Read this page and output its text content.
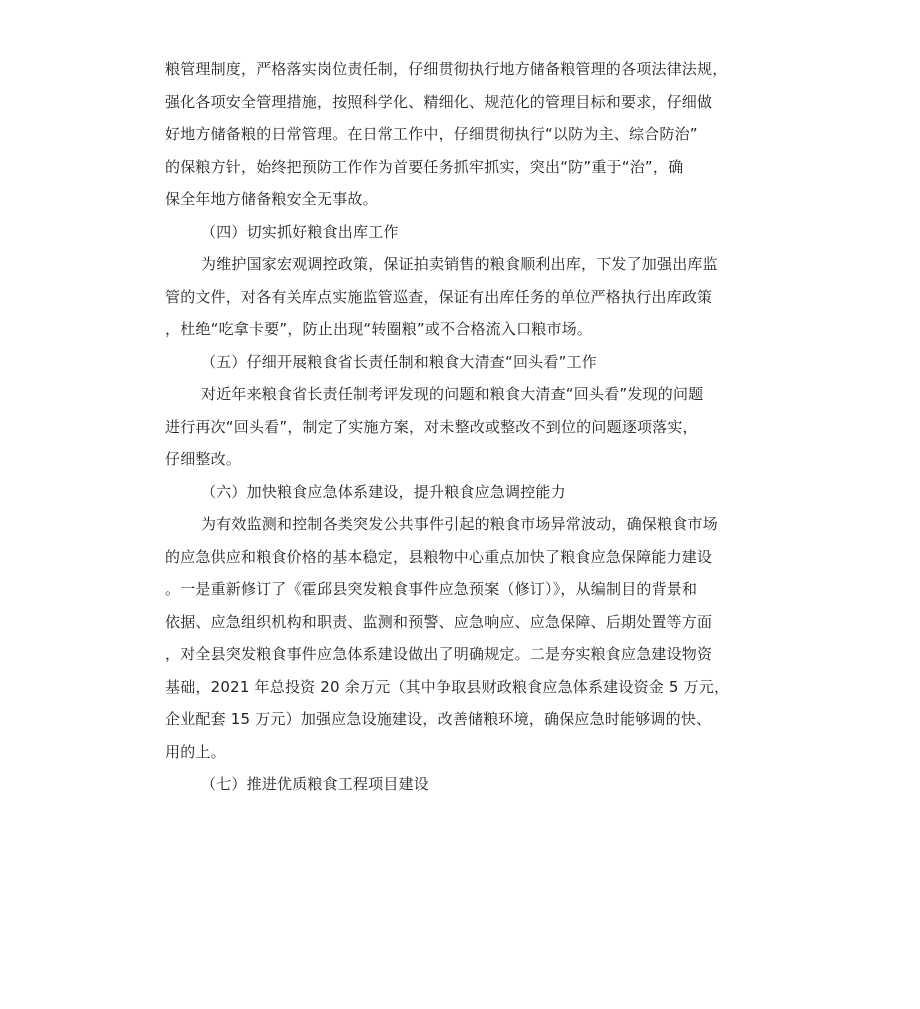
粮管理制度，严格落实岗位责任制，仔细贯彻执行地方储备粮管理的各项法律法规，
强化各项安全管理措施，按照科学化、精细化、规范化的管理目标和要求，仔细做
好地方储备粮的日常管理。在日常工作中，仔细贯彻执行“以防为主、综合防治”
的保粮方针，始终把预防工作作为首要任务抓牢抓实，突出“防”重于“治”，确
保全年地方储备粮安全无事故。
（四）切实抓好粮食出库工作
为维护国家宏观调控政策，保证拍卖销售的粮食顺利出库，下发了加强出库监
管的文件，对各有关库点实施监管巡查，保证有出库任务的单位严格执行出库政策
，杜绝“吃拿卡要”，防止出现“转圈粮”或不合格流入口粮市场。
（五）仔细开展粮食省长责任制和粮食大清查“回头看”工作
对近年来粮食省长责任制考评发现的问题和粮食大清查“回头看”发现的问题
进行再次“回头看”，制定了实施方案，对未整改或整改不到位的问题逐项落实，
仔细整改。
（六）加快粮食应急体系建设，提升粮食应急调控能力
为有效监测和控制各类突发公共事件引起的粮食市场异常波动，确保粮食市场
的应急供应和粮食价格的基本稳定，县粮物中心重点加快了粮食应急保障能力建设
。一是重新修订了《霍邱县突发粮食事件应急预案（修订）》，从编制目的背景和
依据、应急组织机构和职责、监测和预警、应急响应、应急保障、后期处置等方面
，对全县突发粮食事件应急体系建设做出了明确规定。二是夯实粮食应急建设物资
基础，2021 年总投资 20 余万元（其中争取县财政粮食应急体系建设资金 5 万元，
企业配套 15 万元）加强应急设施建设，改善储粮环境，确保应急时能够调的快、
用的上。
（七）推进优质粮食工程项目建设
